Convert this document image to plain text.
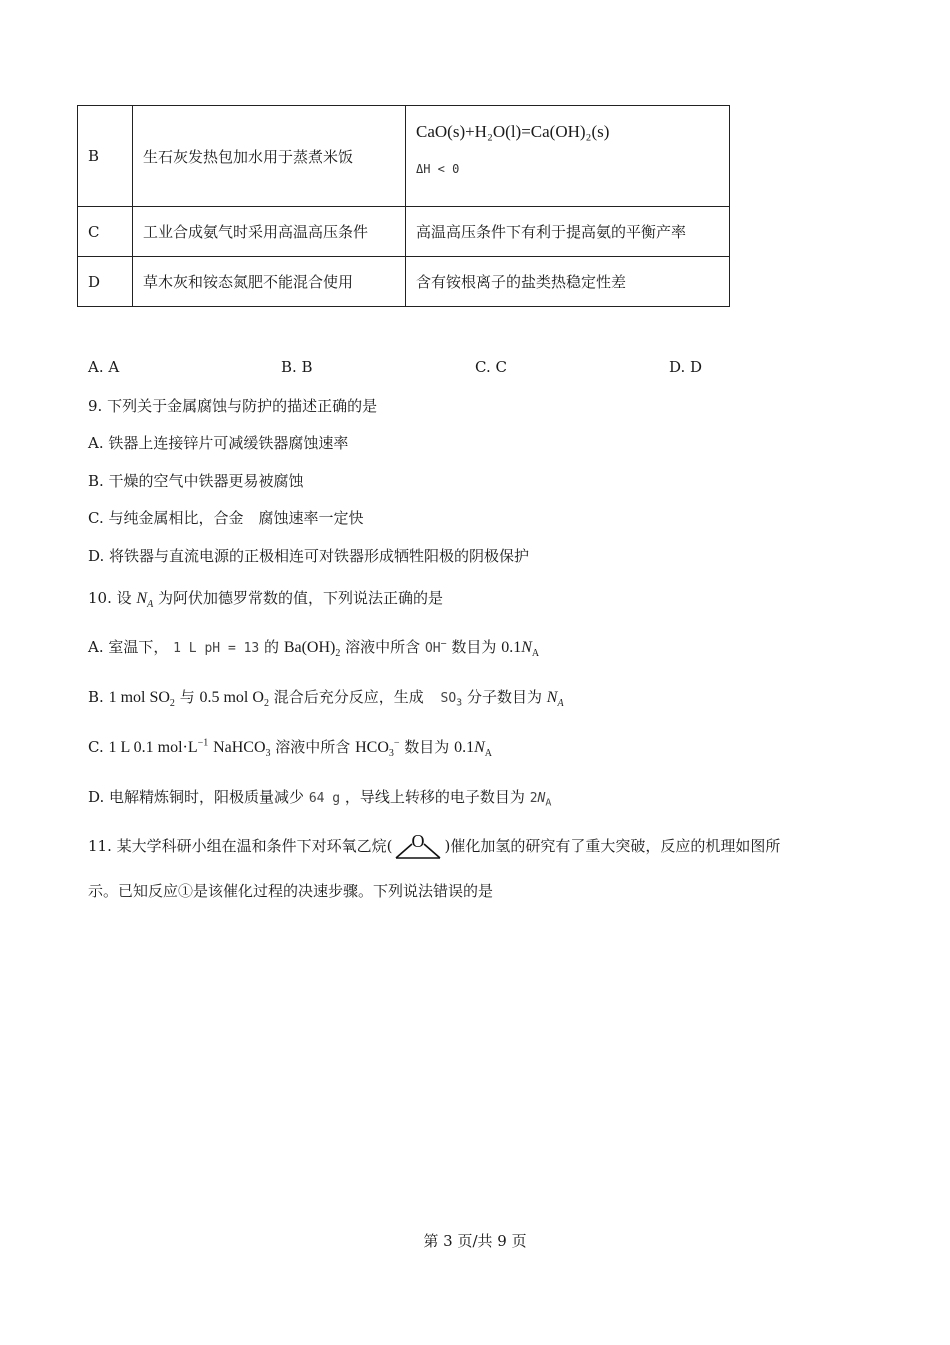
B	生石灰发热包加水用于蒸煮米饭	CaO(s)+H₂O(l)=Ca(OH)₂(s)
ΔH < 0

C	工业合成氨气时采用高温高压条件	高温高压条件下有利于提高氨的平衡产率
D	草木灰和铵态氮肥不能混合使用	含有铵根离子的盐类热稳定性差
A. A	B. B	C. C	D. D
9. 下列关于金属腐蚀与防护的描述正确的是
A. 铁器上连接锌片可减缓铁器腐蚀速率
B. 干燥的空气中铁器更易被腐蚀
C. 与纯金属相比，合金　腐蚀速率一定快
D. 将铁器与直流电源的正极相连可对铁器形成牺牲阳极的阴极保护
10. 设 $N_A$ 为阿伏加德罗常数的值，下列说法正确的是
A. 室温下， 1 L pH = 13 的 $Ba(OH)_2$ 溶液中所含 OH− 数目为 $0.1N_A$
B. 1 mol $SO_2$ 与 0.5 mol $O_2$ 混合后充分反应，生成 $SO_3$ 分子数目为 $N_A$
C. 1 L 0.1 $mol\cdot L^{-1}$ NaHCO$_3$ 溶液中所含 $HCO_3^-$ 数目为 $0.1N_A$
D. 电解精炼铜时，阳极质量减少 64 g ，导线上转移的电子数目为 $2N_A$
11. 某大学科研小组在温和条件下对环氧乙烷( O )催化加氢的研究有了重大突破，反应的机理如图所
示。已知反应①是该催化过程的决速步骤。下列说法错误的是
第 3 页/共 9 页
